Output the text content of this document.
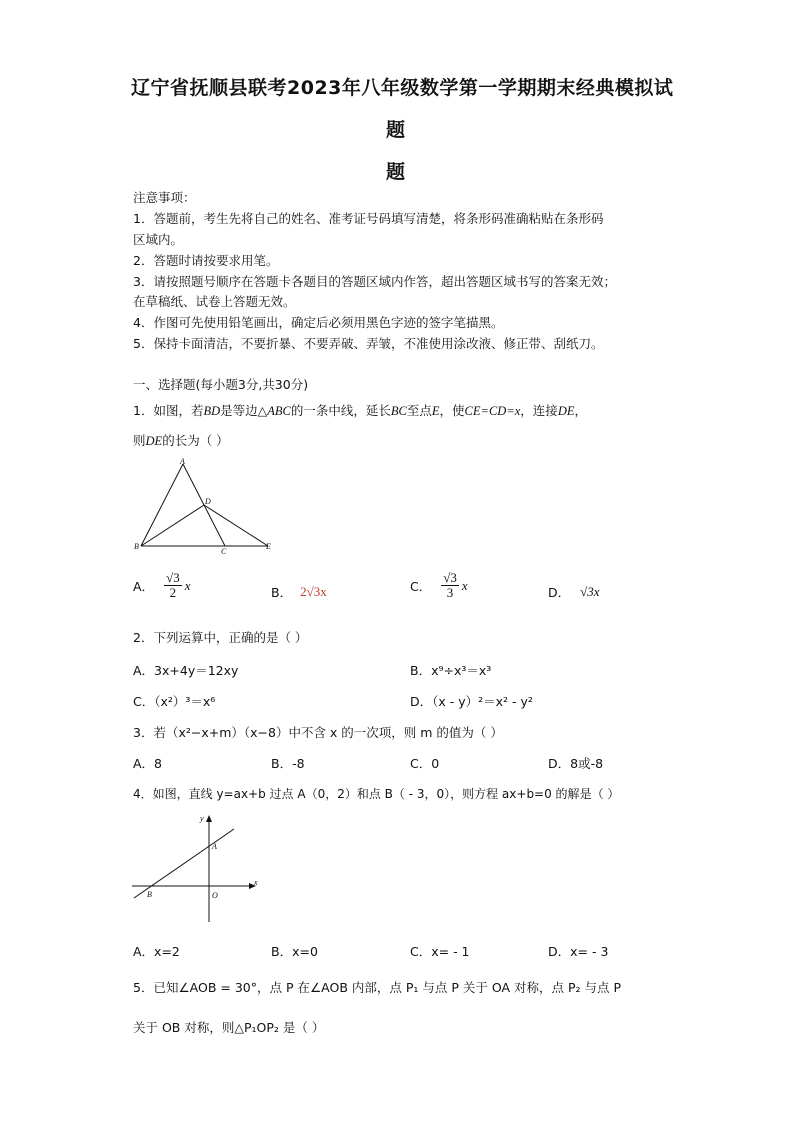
辽宁省抚顺县联考2023年八年级数学第一学期期末经典模拟试
题
题
注意事项：
1．答题前，考生先将自己的姓名、准考证号码填写清楚，将条形码准确粘贴在条形码
区域内。
2．答题时请按要求用笔。
3．请按照题号顺序在答题卡各题目的答题区域内作答，超出答题区域书写的答案无效；
在草稿纸、试卷上答题无效。
4．作图可先使用铅笔画出，确定后必须用黑色字迹的签字笔描黑。
5．保持卡面清洁，不要折暴、不要弄破、弄皱，不准使用涂改液、修正带、刮纸刀。
一、选择题(每小题3分,共30分)
1．如图，若BD是等边△ABC的一条中线，延长BC至点E，使CE=CD=x，连接DE，
则DE的长为（ ）
A
B
C
D
E
A． $\frac{√3}{2}$ x	B． 2√3x	C． $\frac{√3}{3}$ x	D． √3x
2．下列运算中，正确的是（ ）
A．3x+4y＝12xy	B．x⁹÷x³＝x³
C．（x²）³＝x⁶	D．（x - y）²＝x² - y²
3．若（x²−x+m）（x−8）中不含 x 的一次项，则 m 的值为（ ）
A．8	B．-8	C．0	D．8或-8
4．如图，直线 y=ax+b 过点 A（0，2）和点 B（ - 3，0），则方程 ax+b=0 的解是（ ）
y
x
A
B	O
A．x=2	B．x=0	C．x= - 1	D．x= - 3
5．已知∠AOB = 30°，点 P 在∠AOB 内部，点 P₁ 与点 P 关于 OA 对称，点 P₂ 与点 P
关于 OB 对称，则△P₁OP₂ 是（ ）
